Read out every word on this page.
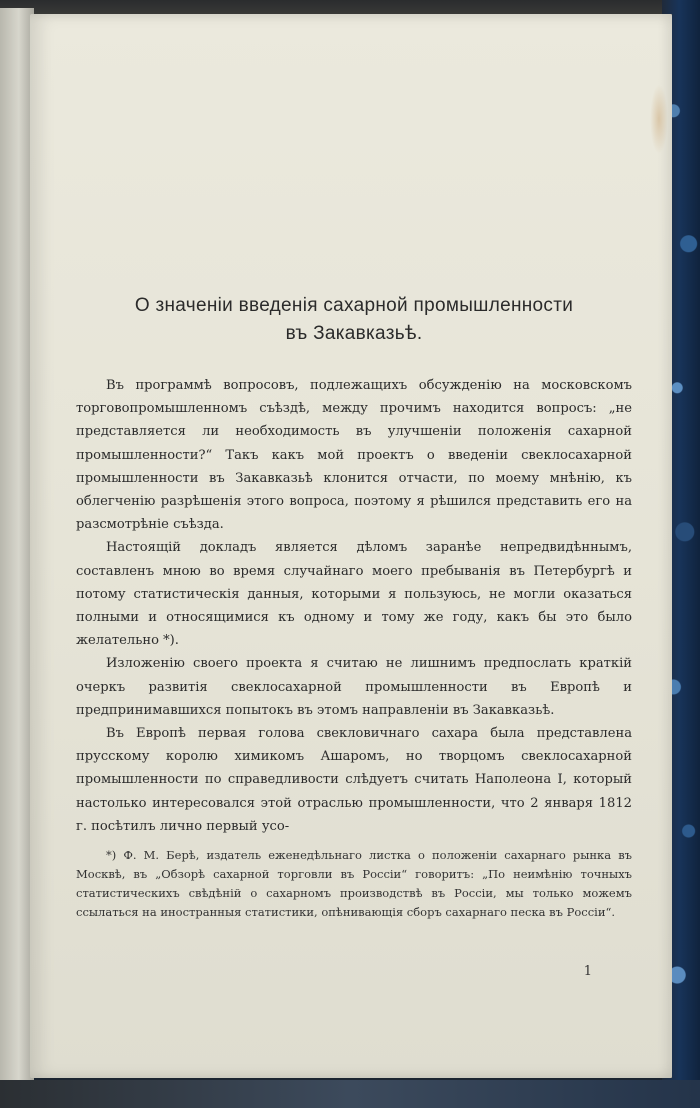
О значеніи введенія сахарной промышленности
въ Закавказьѣ.

Въ программѣ вопросовъ, подлежащихъ обсужденію на московскомъ торговопромышленномъ съѣздѣ, между прочимъ находится вопросъ: „не представляется ли необходимость въ улучшеніи положенія сахарной промышленности?“ Такъ какъ мой проектъ о введеніи свеклосахарной промышленности въ Закавказьѣ клонится отчасти, по моему мнѣнію, къ облегченію разрѣшенія этого вопроса, поэтому я рѣшился представить его на разсмотрѣніе съѣзда.

Настоящій докладъ является дѣломъ заранѣе непредвидѣннымъ, составленъ мною во время случайнаго моего пребыванія въ Петербургѣ и потому статистическія данныя, которыми я пользуюсь, не могли оказаться полными и относящимися къ одному и тому же году, какъ бы это было желательно *).

Изложенію своего проекта я считаю не лишнимъ предпослать краткій очеркъ развитія свеклосахарной промышленности въ Европѣ и предпринимавшихся попытокъ въ этомъ направленіи въ Закавказьѣ.

Въ Европѣ первая голова свекловичнаго сахара была представлена прусскому королю химикомъ Ашаромъ, но творцомъ свеклосахарной промышленности по справедливости слѣдуетъ считать Наполеона I, который настолько интересовался этой отраслью промышленности, что 2 января 1812 г. посѣтилъ лично первый усо-

*) Ф. М. Берѣ, издатель еженедѣльнаго листка о положеніи сахарнаго рынка въ Москвѣ, въ „Обзорѣ сахарной торговли въ Россіи“ говоритъ: „По неимѣнію точныхъ статистическихъ свѣдѣній о сахарномъ производствѣ въ Россіи, мы только можемъ ссылаться на иностранныя статистики, опѣнивающія сборъ сахарнаго песка въ Россіи“.
1
